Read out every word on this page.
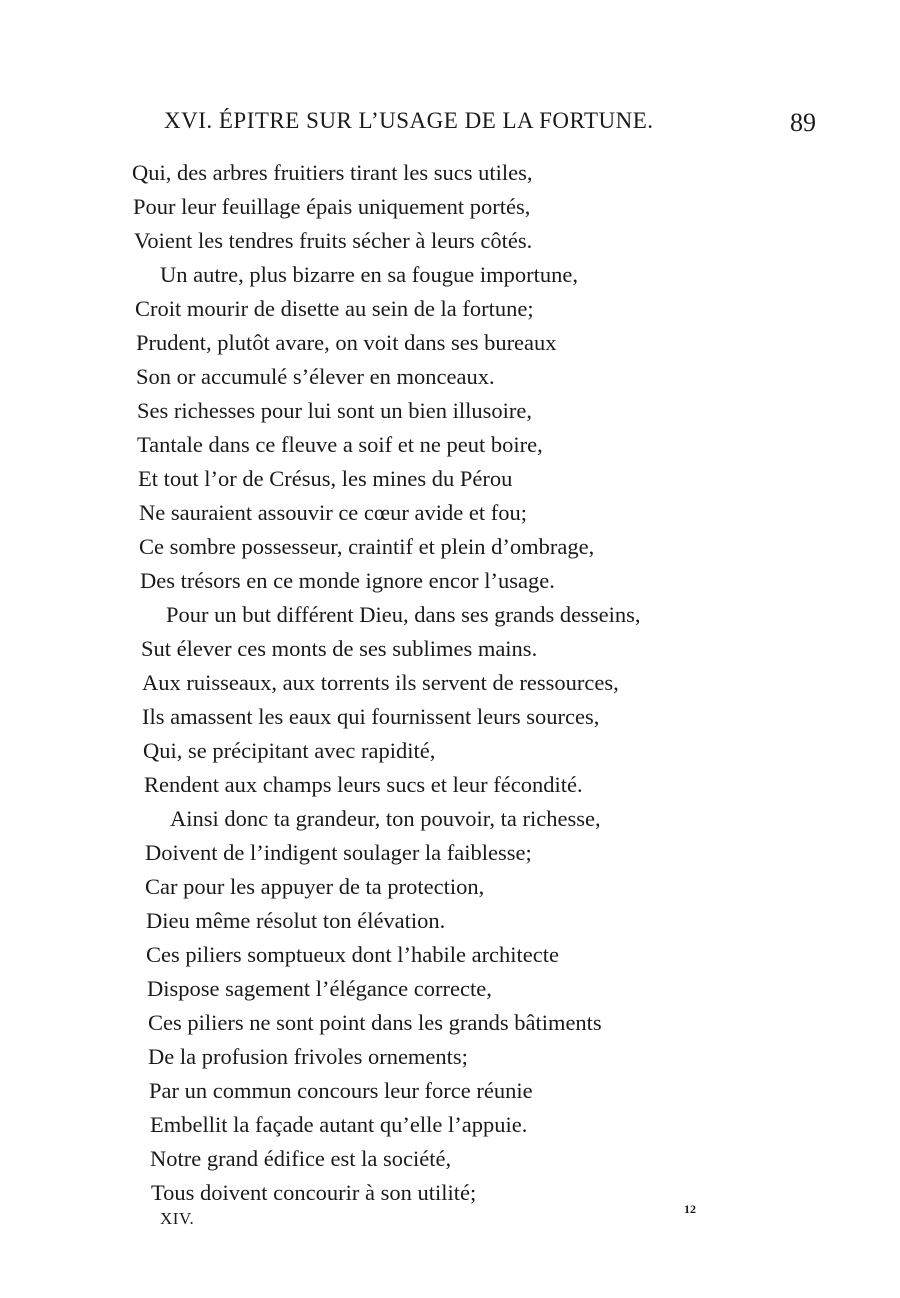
XVI. ÉPITRE SUR L’USAGE DE LA FORTUNE.	89
Qui, des arbres fruitiers tirant les sucs utiles,
Pour leur feuillage épais uniquement portés,
Voient les tendres fruits sécher à leurs côtés.
Un autre, plus bizarre en sa fougue importune,
Croit mourir de disette au sein de la fortune;
Prudent, plutôt avare, on voit dans ses bureaux
Son or accumulé s’élever en monceaux.
Ses richesses pour lui sont un bien illusoire,
Tantale dans ce fleuve a soif et ne peut boire,
Et tout l’or de Crésus, les mines du Pérou
Ne sauraient assouvir ce cœur avide et fou;
Ce sombre possesseur, craintif et plein d’ombrage,
Des trésors en ce monde ignore encor l’usage.
Pour un but différent Dieu, dans ses grands desseins,
Sut élever ces monts de ses sublimes mains.
Aux ruisseaux, aux torrents ils servent de ressources,
Ils amassent les eaux qui fournissent leurs sources,
Qui, se précipitant avec rapidité,
Rendent aux champs leurs sucs et leur fécondité.
Ainsi donc ta grandeur, ton pouvoir, ta richesse,
Doivent de l’indigent soulager la faiblesse;
Car pour les appuyer de ta protection,
Dieu même résolut ton élévation.
Ces piliers somptueux dont l’habile architecte
Dispose sagement l’élégance correcte,
Ces piliers ne sont point dans les grands bâtiments
De la profusion frivoles ornements;
Par un commun concours leur force réunie
Embellit la façade autant qu’elle l’appuie.
Notre grand édifice est la société,
Tous doivent concourir à son utilité;
XIV.	12
